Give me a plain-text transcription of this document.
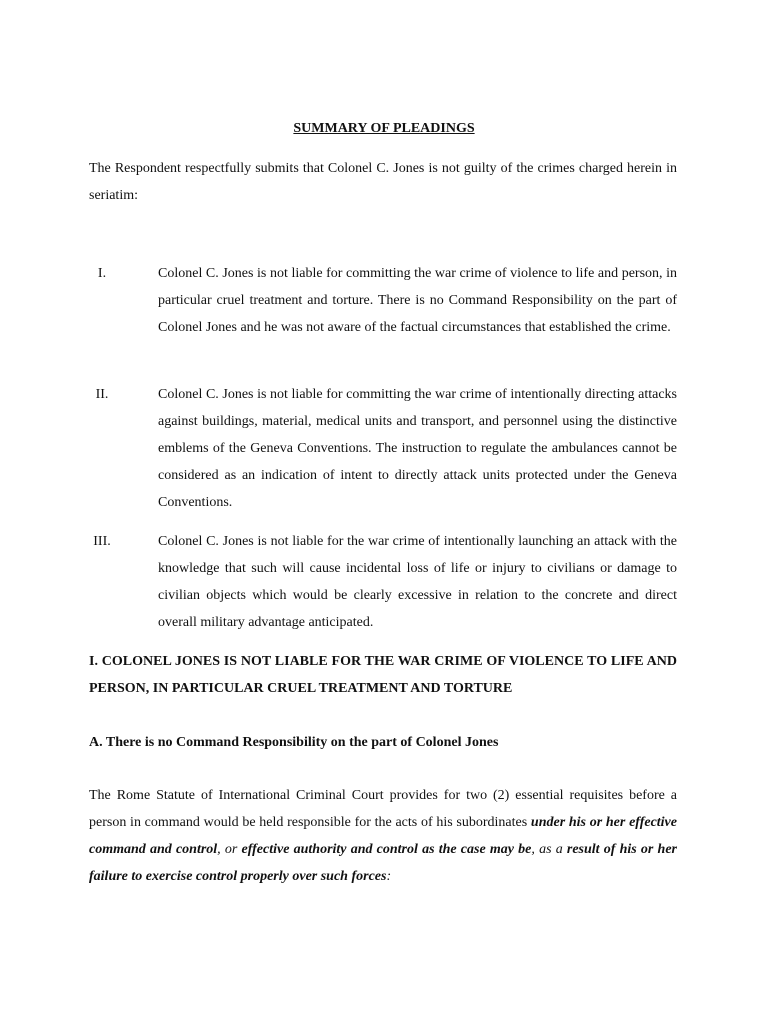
SUMMARY OF PLEADINGS
The Respondent respectfully submits that Colonel C. Jones is not guilty of the crimes charged herein in seriatim:
I.	Colonel C. Jones is not liable for committing the war crime of violence to life and person, in particular cruel treatment and torture. There is no Command Responsibility on the part of Colonel Jones and he was not aware of the factual circumstances that established the crime.
II.	Colonel C. Jones is not liable for committing the war crime of intentionally directing attacks against buildings, material, medical units and transport, and personnel using the distinctive emblems of the Geneva Conventions. The instruction to regulate the ambulances cannot be considered as an indication of intent to directly attack units protected under the Geneva Conventions.
III.	Colonel C. Jones is not liable for the war crime of intentionally launching an attack with the knowledge that such will cause incidental loss of life or injury to civilians or damage to civilian objects which would be clearly excessive in relation to the concrete and direct overall military advantage anticipated.
I. COLONEL JONES IS NOT LIABLE FOR THE WAR CRIME OF VIOLENCE TO LIFE AND PERSON, IN PARTICULAR CRUEL TREATMENT AND TORTURE
A. There is no Command Responsibility on the part of Colonel Jones
The Rome Statute of International Criminal Court provides for two (2) essential requisites before a person in command would be held responsible for the acts of his subordinates under his or her effective command and control, or effective authority and control as the case may be, as a result of his or her failure to exercise control properly over such forces:
